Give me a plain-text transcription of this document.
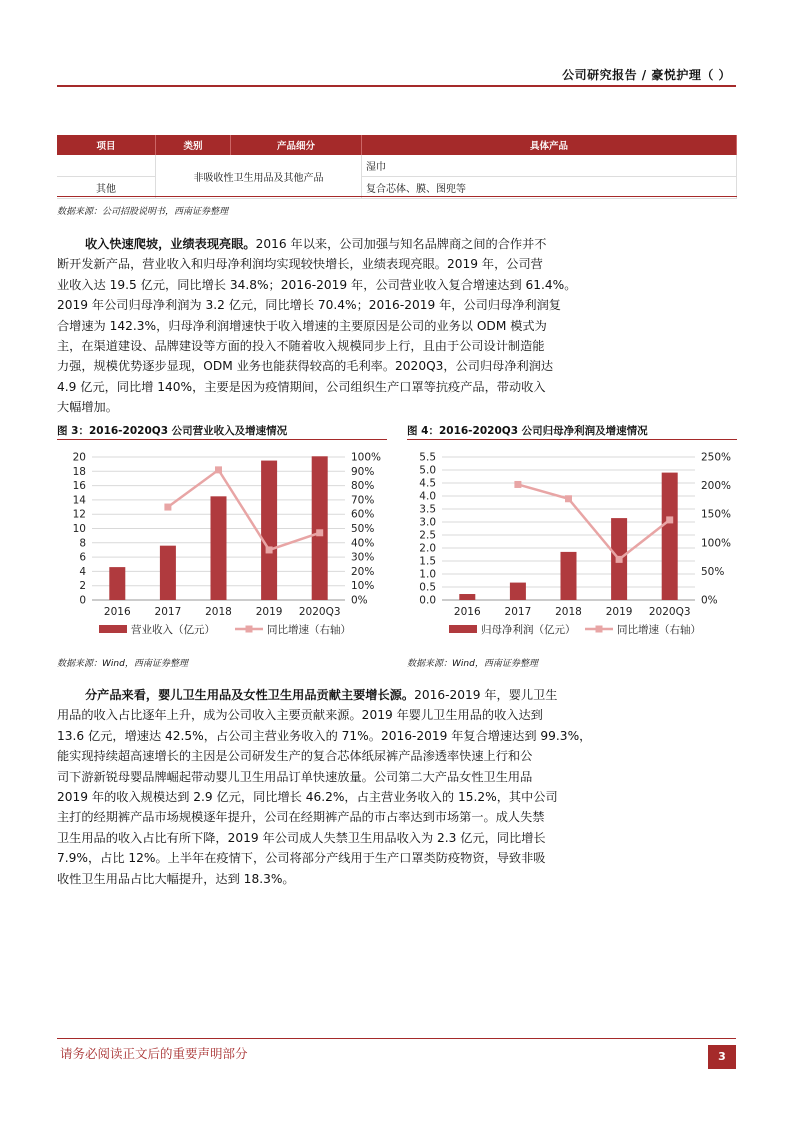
公司研究报告 / 豪悦护理（ ）
项目	类别	产品细分	具体产品
	非吸收性卫生用品及其他产品		湿巾
其他			复合芯体、膜、图兜等
数据来源：公司招股说明书，西南证券整理
收入快速爬坡，业绩表现亮眼。2016 年以来，公司加强与知名品牌商之间的合作并不
断开发新产品，营业收入和归母净利润均实现较快增长，业绩表现亮眼。2019 年，公司营
业收入达 19.5 亿元，同比增长 34.8%；2016-2019 年，公司营业收入复合增速达到 61.4%。
2019 年公司归母净利润为 3.2 亿元，同比增长 70.4%；2016-2019 年，公司归母净利润复
合增速为 142.3%，归母净利润增速快于收入增速的主要原因是公司的业务以 ODM 模式为
主，在渠道建设、品牌建设等方面的投入不随着收入规模同步上行，且由于公司设计制造能
力强，规模优势逐步显现，ODM 业务也能获得较高的毛利率。2020Q3，公司归母净利润达
4.9 亿元，同比增 140%，主要是因为疫情期间，公司组织生产口罩等抗疫产品，带动收入
大幅增加。
图 3：2016-2020Q3 公司营业收入及增速情况	图 4：2016-2020Q3 公司归母净利润及增速情况
0
2
4
6
8
10
12
14
16
18
20
0%
10%
20%
30%
40%
50%
60%
70%
80%
90%
100%
2016 2017 2018 2019 2020Q3
营业收入（亿元）	同比增速（右轴）
0.0
0.5
1.0
1.5
2.0
2.5
3.0
3.5
4.0
4.5
5.0
5.5
0%
50%
100%
150%
200%
250%
2016 2017 2018 2019 2020Q3
归母净利润（亿元）	同比增速（右轴）
数据来源：Wind，西南证券整理	数据来源：Wind，西南证券整理
分产品来看，婴儿卫生用品及女性卫生用品贡献主要增长源。2016-2019 年，婴儿卫生
用品的收入占比逐年上升，成为公司收入主要贡献来源。2019 年婴儿卫生用品的收入达到
13.6 亿元，增速达 42.5%，占公司主营业务收入的 71%。2016-2019 年复合增速达到 99.3%，
能实现持续超高速增长的主因是公司研发生产的复合芯体纸尿裤产品渗透率快速上行和公
司下游新锐母婴品牌崛起带动婴儿卫生用品订单快速放量。公司第二大产品女性卫生用品
2019 年的收入规模达到 2.9 亿元，同比增长 46.2%，占主营业务收入的 15.2%，其中公司
主打的经期裤产品市场规模逐年提升，公司在经期裤产品的市占率达到市场第一。成人失禁
卫生用品的收入占比有所下降，2019 年公司成人失禁卫生用品收入为 2.3 亿元，同比增长
7.9%，占比 12%。上半年在疫情下，公司将部分产线用于生产口罩类防疫物资，导致非吸
收性卫生用品占比大幅提升，达到 18.3%。
请务必阅读正文后的重要声明部分	3
